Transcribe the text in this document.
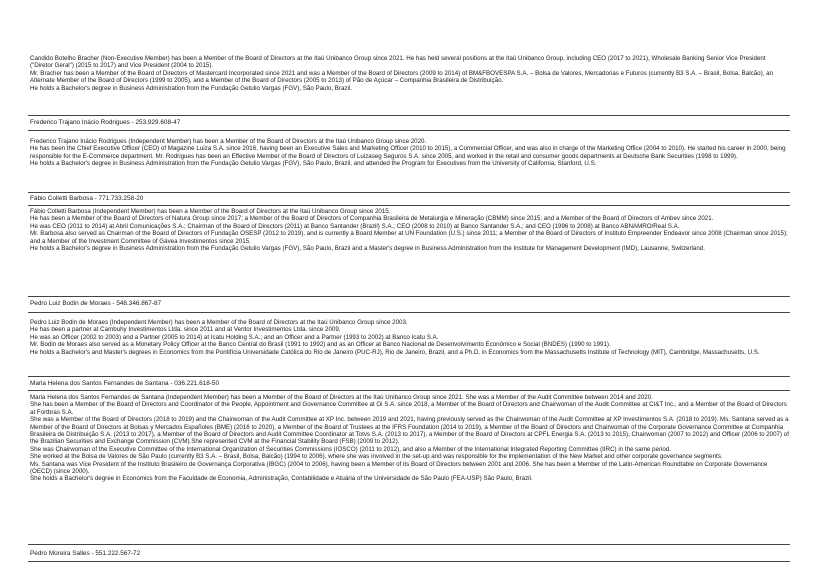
Candido Botelho Bracher (Non-Executive Member) has been a Member of the Board of Directors at the Itaú Unibanco Group since 2021. He has held several positions at the Itaú Unibanco Group, including CEO (2017 to 2021), Wholesale Banking Senior Vice President ("Diretor Geral") (2015 to 2017) and Vice President (2004 to 2015).

Mr. Bracher has been a Member of the Board of Directors of Mastercard Incorporated since 2021 and was a Member of the Board of Directors (2009 to 2014) of BM&FBOVESPA S.A. – Bolsa de Valores, Mercadorias e Futuros (currently B3 S.A. – Brasil, Bolsa, Balcão), an Alternate Member of the Board of Directors (1999 to 2005), and a Member of the Board of Directors (2005 to 2013) of Pão de Açúcar – Companhia Brasileira de Distribuição.

He holds a Bachelor's degree in Business Administration from the Fundação Getulio Vargas (FGV), São Paulo, Brazil.

Frederico Trajano Inácio Rodrigues - 253.929.608-47

Frederico Trajano Inácio Rodrigues (Independent Member) has been a Member of the Board of Directors at the Itaú Unibanco Group since 2020.

He has been the Chief Executive Officer (CEO) of Magazine Luiza S.A. since 2016, having been an Executive Sales and Marketing Officer (2010 to 2015), a Commercial Officer, and was also in charge of the Marketing Office (2004 to 2010). He started his career in 2000, being responsible for the E-Commerce department. Mr. Rodrigues has been an Effective Member of the Board of Directors of Luizaseg Seguros S.A. since 2005, and worked in the retail and consumer goods departments at Deutsche Bank Securities (1998 to 1999).

He holds a Bachelor's degree in Business Administration from the Fundação Getulio Vargas (FGV), São Paulo, Brazil, and attended the Program for Executives from the University of California, Stanford, U.S.

Fábio Colletti Barbosa - 771.733.258-20

Fábio Colletti Barbosa (Independent Member) has been a Member of the Board of Directors at the Itaú Unibanco Group since 2015.

He has been a Member of the Board of Directors of Natura Group since 2017; a Member of the Board of Directors of Companhia Brasileira de Metalurgia e Mineração (CBMM) since 2015; and a Member of the Board of Directors of Ambev since 2021.

He was CEO (2011 to 2014) at Abril Comunicações S.A.; Chairman of the Board of Directors (2011) at Banco Santander (Brazil) S.A.; CEO (2008 to 2010) at Banco Santander S.A.; and CEO (1996 to 2008) at Banco ABNAMRO/Real S.A.

Mr. Barbosa also served as Chairman of the Board of Directors of Fundação OSESP (2012 to 2019), and is currently a Board Member at UN Foundation (U.S.) since 2011; a Member of the Board of Directors of Instituto Empreender Endeavor since 2008 (Chairman since 2015); and a Member of the Investment Committee of Gávea Investimentos since 2015.

He holds a Bachelor's degree in Business Administration from the Fundação Getulio Vargas (FGV), São Paulo, Brazil and a Master's degree in Business Administration from the Institute for Management Development (IMD), Lausanne, Switzerland.

Pedro Luiz Bodin de Moraes - 548.346.867-87

Pedro Luiz Bodin de Moraes (Independent Member) has been a Member of the Board of Directors at the Itaú Unibanco Group since 2003.

He has been a partner at Cambuhy Investimentos Ltda. since 2011 and at Ventor Investimentos Ltda. since 2009.

He was an Officer (2002 to 2003) and a Partner (2005 to 2014) at Icatu Holding S.A.; and an Officer and a Partner (1993 to 2002) at Banco Icatu S.A.

Mr. Bodin de Moraes also served as a Monetary Policy Officer at the Banco Central do Brasil (1991 to 1992) and as an Officer at Banco Nacional de Desenvolvimento Econômico e Social (BNDES) (1990 to 1991).

He holds a Bachelor's and Master's degrees in Economics from the Pontifícia Universidade Católica do Rio de Janeiro (PUC-RJ), Rio de Janeiro, Brazil, and a Ph.D. in Economics from the Massachusetts Institute of Technology (MIT), Cambridge, Massachusetts, U.S.

Maria Helena dos Santos Fernandes de Santana - 036.221.618-50

Maria Helena dos Santos Fernandes de Santana (Independent Member) has been a Member of the Board of Directors at the Itaú Unibanco Group since 2021. She was a Member of the Audit Committee between 2014 and 2020.

She has been a Member of the Board of Directors and Coordinator of the People, Appointment and Governance Committee at Oi S.A. since 2018, a Member of the Board of Directors and Chairwoman of the Audit Committee at CI&T Inc., and a Member of the Board of Directors at Fortbras S.A.

She was a Member of the Board of Directors (2018 to 2019) and the Chairwoman of the Audit Committee at XP Inc. between 2019 and 2021, having previously served as the Chairwoman of the Audit Committee at XP Investimentos S.A. (2018 to 2019). Ms. Santana served as a Member of the Board of Directors at Bolsas y Mercados Españoles (BME) (2016 to 2020), a Member of the Board of Trustees at the IFRS Foundation (2014 to 2019), a Member of the Board of Directors and Chairwoman of the Corporate Governance Committee at Companhia Brasileira de Distribuição S.A. (2013 to 2017), a Member of the Board of Directors and Audit Committee Coordinator at Totvs S.A. (2013 to 2017), a Member of the Board of Directors at CPFL Energia S.A. (2013 to 2015), Chairwoman (2007 to 2012) and Officer (2006 to 2007) of the Brazilian Securities and Exchange Commission (CVM).She represented CVM at the Financial Stability Board (FSB) (2009 to 2012).

She was Chairwoman of the Executive Committee of the International Organization of Securities Commissions (IOSCO) (2011 to 2012), and also a Member of the International Integrated Reporting Committee (IIRC) in the same period.

She worked at the Bolsa de Valores de São Paulo (currently B3 S.A. – Brasil, Bolsa, Balcão) (1994 to 2006), where she was involved in the set-up and was responsible for the implementation of the New Market and other corporate governance segments.

Ms. Santana was Vice President of the Instituto Brasileiro de Governança Corporativa (IBGC) (2004 to 2006), having been a Member of its Board of Directors between 2001 and 2006. She has been a Member of the Latin-American Roundtable on Corporate Governance (OECD) (since 2000).

She holds a Bachelor's degree in Economics from the Faculdade de Economia, Administração, Contabilidade e Atuária of the Universidade de São Paulo (FEA-USP) São Paulo, Brazil.

Pedro Moreira Salles - 551.222.567-72
